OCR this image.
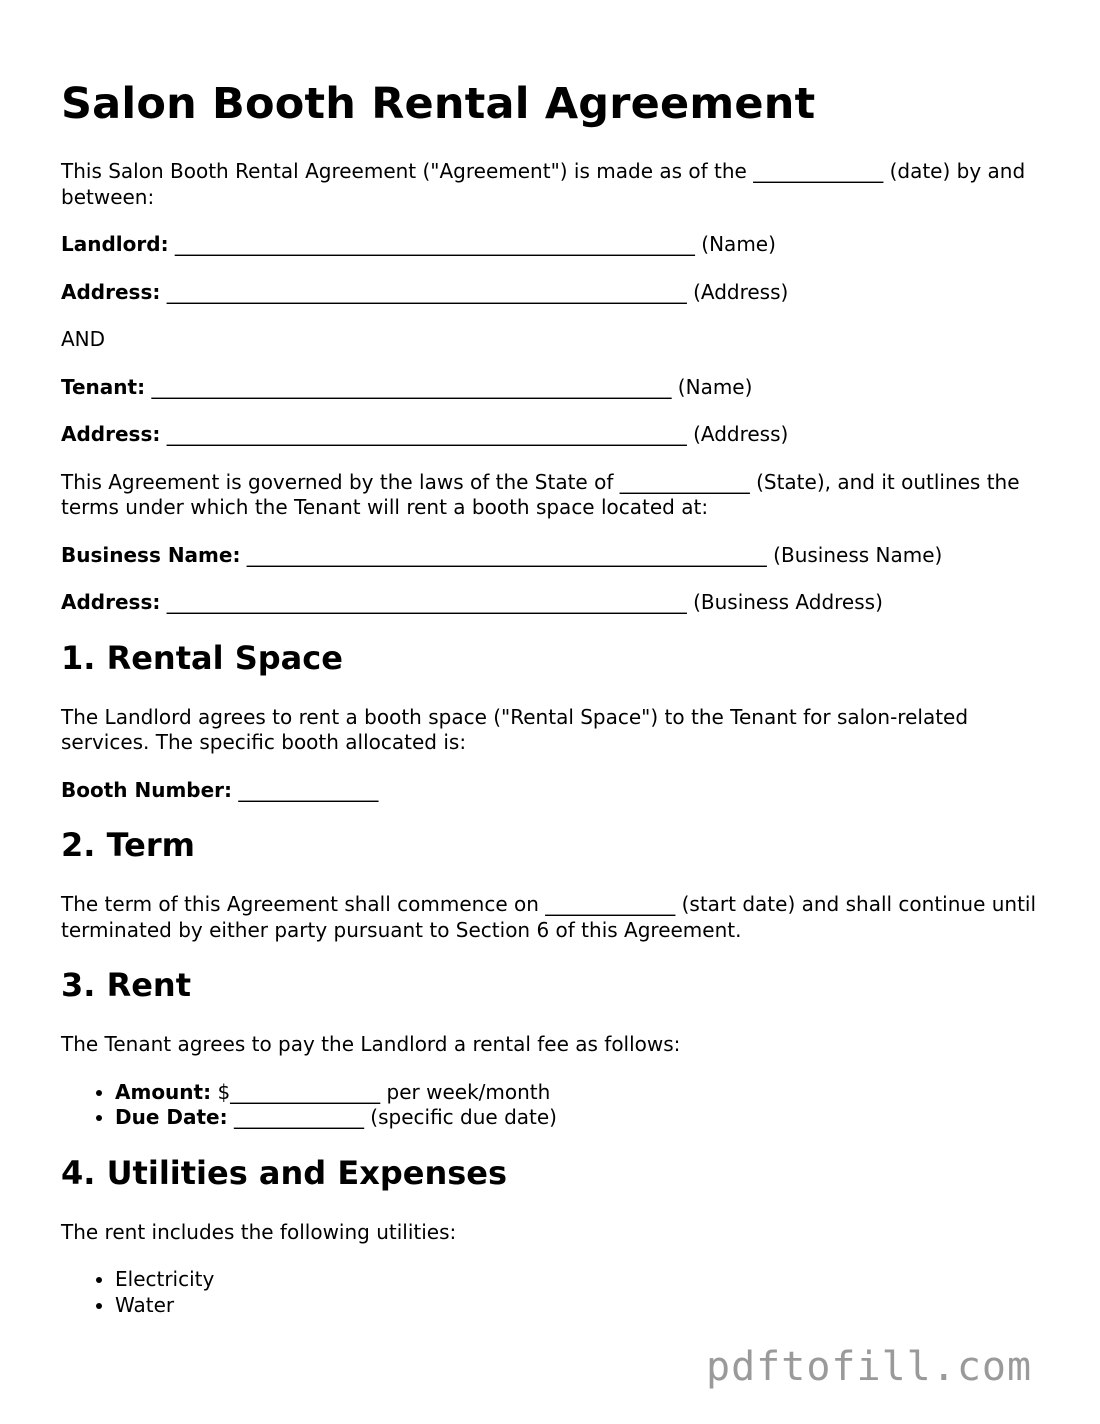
Salon Booth Rental Agreement

This Salon Booth Rental Agreement ("Agreement") is made as of the _____________ (date) by and between:

Landlord: ____________________________________________________ (Name)

Address: ____________________________________________________ (Address)

AND

Tenant: ____________________________________________________ (Name)

Address: ____________________________________________________ (Address)

This Agreement is governed by the laws of the State of _____________ (State), and it outlines the terms under which the Tenant will rent a booth space located at:

Business Name: ____________________________________________________ (Business Name)

Address: ____________________________________________________ (Business Address)

1. Rental Space

The Landlord agrees to rent a booth space ("Rental Space") to the Tenant for salon-related services. The specific booth allocated is:

Booth Number: ______________

2. Term

The term of this Agreement shall commence on _____________ (start date) and shall continue until terminated by either party pursuant to Section 6 of this Agreement.

3. Rent

The Tenant agrees to pay the Landlord a rental fee as follows:

• Amount: $_______________ per week/month
• Due Date: _____________ (specific due date)
4. Utilities and Expenses

The rent includes the following utilities:

• Electricity
• Water
pdftofill.com
